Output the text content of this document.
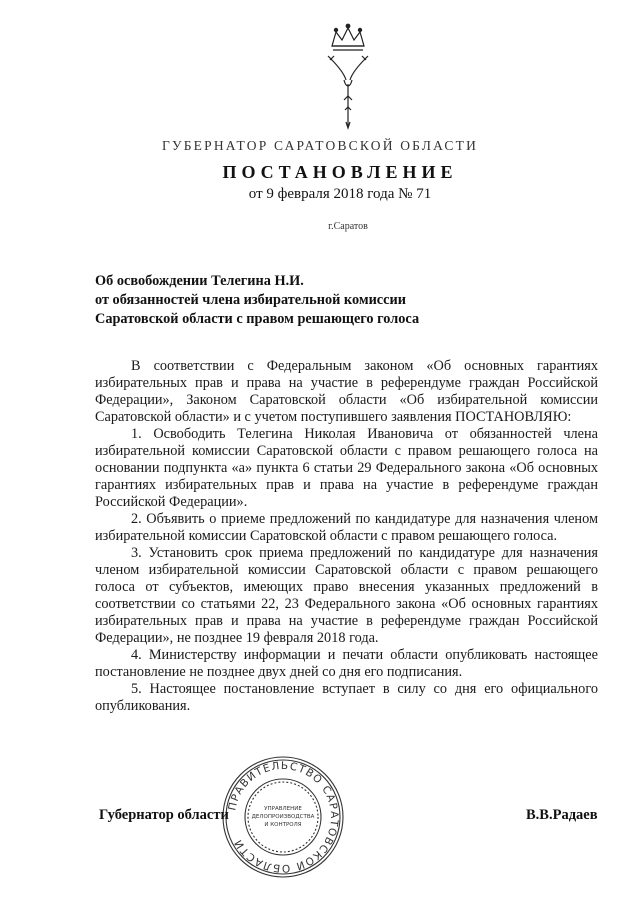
ГУБЕРНАТОР САРАТОВСКОЙ ОБЛАСТИ
ПОСТАНОВЛЕНИЕ
от 9 февраля 2018 года № 71
г.Саратов
Об освобождении Телегина Н.И.
от обязанностей члена избирательной комиссии
Саратовской области с правом решающего голоса

В соответствии с Федеральным законом «Об основных гарантиях избирательных прав и права на участие в референдуме граждан Российской Федерации», Законом Саратовской области «Об избирательной комиссии Саратовской области» и с учетом поступившего заявления ПОСТАНОВЛЯЮ:

1. Освободить Телегина Николая Ивановича от обязанностей члена избирательной комиссии Саратовской области с правом решающего голоса на основании подпункта «а» пункта 6 статьи 29 Федерального закона «Об основных гарантиях избирательных прав и права на участие в референдуме граждан Российской Федерации».

2. Объявить о приеме предложений по кандидатуре для назначения членом избирательной комиссии Саратовской области с правом решающего голоса.

3. Установить срок приема предложений по кандидатуре для назначения членом избирательной комиссии Саратовской области с правом решающего голоса от субъектов, имеющих право внесения указанных предложений в соответствии со статьями 22, 23 Федерального закона «Об основных гарантиях избирательных прав и права на участие в референдуме граждан Российской Федерации», не позднее 19 февраля 2018 года.

4. Министерству информации и печати области опубликовать настоящее постановление не позднее двух дней со дня его подписания.

5. Настоящее постановление вступает в силу со дня его официального опубликования.

ПРАВИТЕЛЬСТВО САРАТОВСКОЙ ОБЛАСТИ
УПРАВЛЕНИЕ
ДЕЛОПРОИЗВОДСТВА
И КОНТРОЛЯ
Губернатор области	В.В.Радаев
